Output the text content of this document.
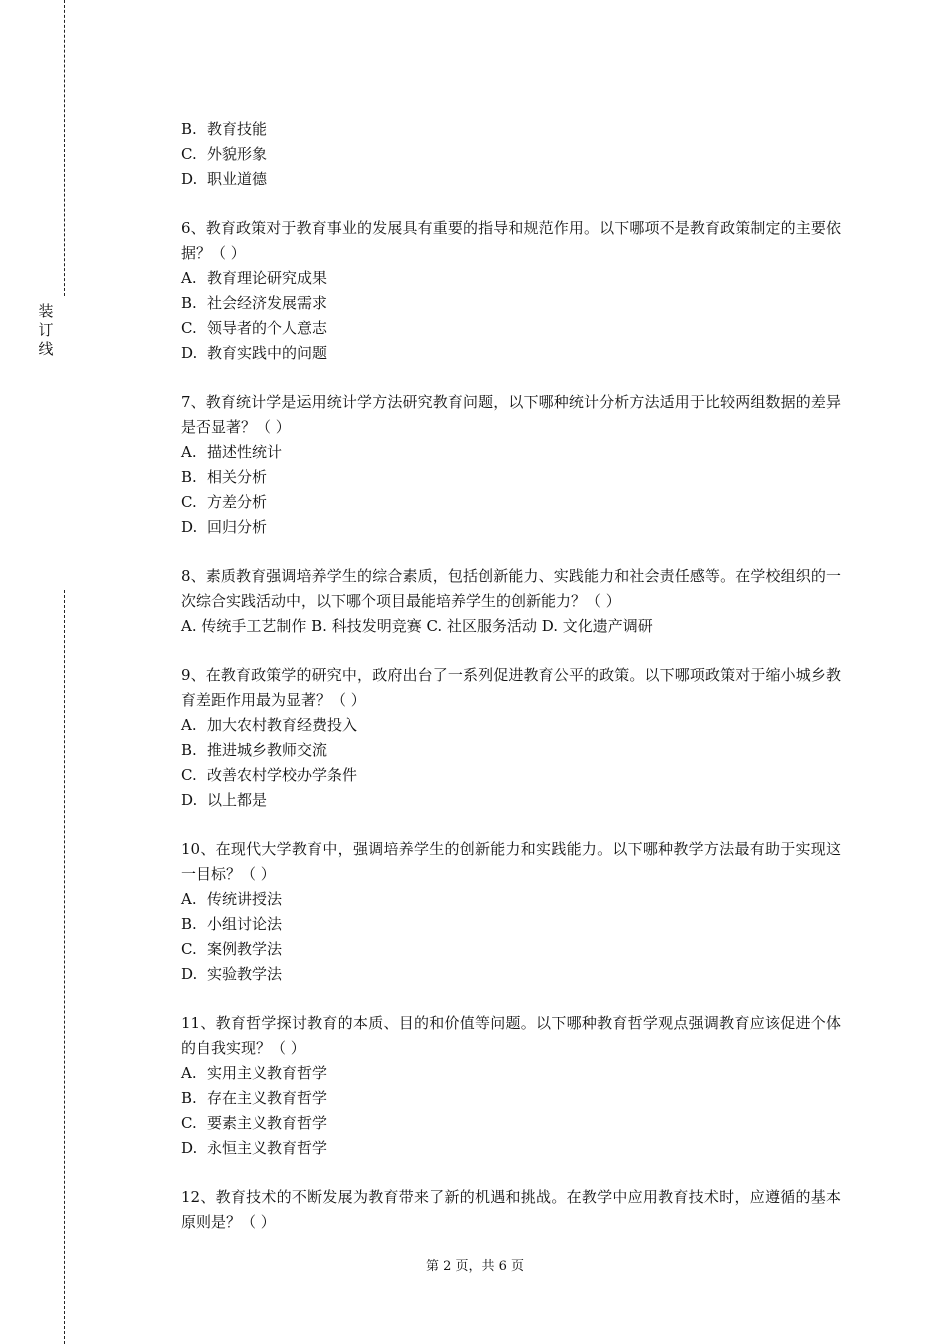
装
订
线
B. 教育技能
C. 外貌形象
D. 职业道德
6、教育政策对于教育事业的发展具有重要的指导和规范作用。以下哪项不是教育政策制定的主要依据？（ ）
A. 教育理论研究成果
B. 社会经济发展需求
C. 领导者的个人意志
D. 教育实践中的问题
7、教育统计学是运用统计学方法研究教育问题，以下哪种统计分析方法适用于比较两组数据的差异是否显著？（ ）
A. 描述性统计
B. 相关分析
C. 方差分析
D. 回归分析
8、素质教育强调培养学生的综合素质，包括创新能力、实践能力和社会责任感等。在学校组织的一次综合实践活动中，以下哪个项目最能培养学生的创新能力？（ ）
A. 传统手工艺制作 B. 科技发明竞赛 C. 社区服务活动 D. 文化遗产调研
9、在教育政策学的研究中，政府出台了一系列促进教育公平的政策。以下哪项政策对于缩小城乡教育差距作用最为显著？（ ）
A. 加大农村教育经费投入
B. 推进城乡教师交流
C. 改善农村学校办学条件
D. 以上都是
10、在现代大学教育中，强调培养学生的创新能力和实践能力。以下哪种教学方法最有助于实现这一目标？（ ）
A. 传统讲授法
B. 小组讨论法
C. 案例教学法
D. 实验教学法
11、教育哲学探讨教育的本质、目的和价值等问题。以下哪种教育哲学观点强调教育应该促进个体的自我实现？（ ）
A. 实用主义教育哲学
B. 存在主义教育哲学
C. 要素主义教育哲学
D. 永恒主义教育哲学
12、教育技术的不断发展为教育带来了新的机遇和挑战。在教学中应用教育技术时，应遵循的基本原则是？（ ）
第 2 页，共 6 页
